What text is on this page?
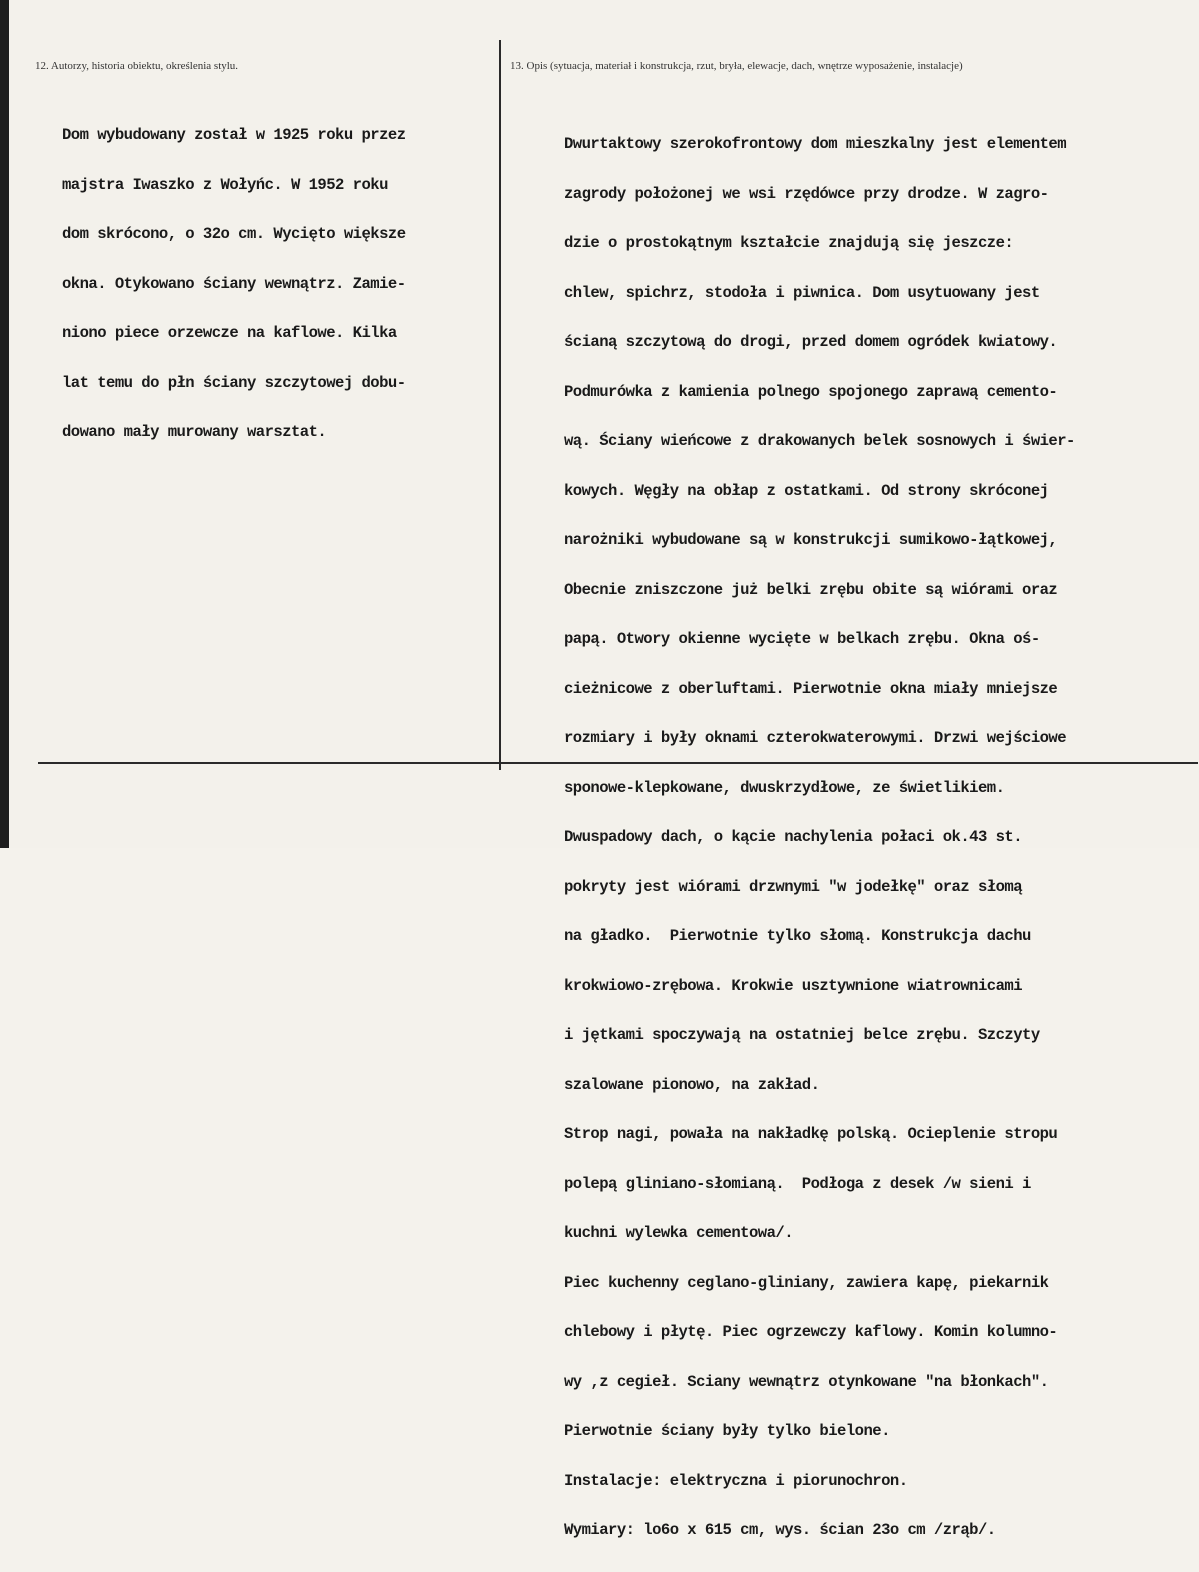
12. Autorzy, historia obiektu, określenia stylu.	13. Opis (sytuacja, materiał i konstrukcja, rzut, bryła, elewacje, dach, wnętrze wyposażenie, instalacje)

Dom wybudowany został w 1925 roku przez

majstra Iwaszko z Wołyńc. W 1952 roku

dom skrócono, o 32o cm. Wycięto większe

okna. Otykowano ściany wewnątrz. Zamie-

niono piece orzewcze na kaflowe. Kilka

lat temu do płn ściany szczytowej dobu-

dowano mały murowany warsztat.

Dwurtaktowy szerokofrontowy dom mieszkalny jest elementem

zagrody położonej we wsi rzędówce przy drodze. W zagro-

dzie o prostokątnym kształcie znajdują się jeszcze:

chlew, spichrz, stodoła i piwnica. Dom usytuowany jest

ścianą szczytową do drogi, przed domem ogródek kwiatowy.

Podmurówka z kamienia polnego spojonego zaprawą cemento-

wą. Ściany wieńcowe z drakowanych belek sosnowych i świer-

kowych. Węgły na obłap z ostatkami. Od strony skróconej

narożniki wybudowane są w konstrukcji sumikowo-łątkowej,

Obecnie zniszczone już belki zrębu obite są wiórami oraz

papą. Otwory okienne wycięte w belkach zrębu. Okna oś-

cieżnicowe z oberluftami. Pierwotnie okna miały mniejsze

rozmiary i były oknami czterokwaterowymi. Drzwi wejściowe

sponowe-klepkowane, dwuskrzydłowe, ze świetlikiem.

Dwuspadowy dach, o kącie nachylenia połaci ok.43 st.

pokryty jest wiórami drzwnymi "w jodełkę" oraz słomą

na gładko.  Pierwotnie tylko słomą. Konstrukcja dachu

krokwiowo-zrębowa. Krokwie usztywnione wiatrownicami

i jętkami spoczywają na ostatniej belce zrębu. Szczyty

szalowane pionowo, na zakład.

Strop nagi, powała na nakładkę polską. Ocieplenie stropu

polepą gliniano-słomianą.  Podłoga z desek /w sieni i

kuchni wylewka cementowa/.

Piec kuchenny ceglano-gliniany, zawiera kapę, piekarnik

chlebowy i płytę. Piec ogrzewczy kaflowy. Komin kolumno-

wy ,z cegieł. Sciany wewnątrz otynkowane "na błonkach".

Pierwotnie ściany były tylko bielone.

Instalacje: elektryczna i piorunochron.

Wymiary: lo6o x 615 cm, wys. ścian 23o cm /zrąb/.
